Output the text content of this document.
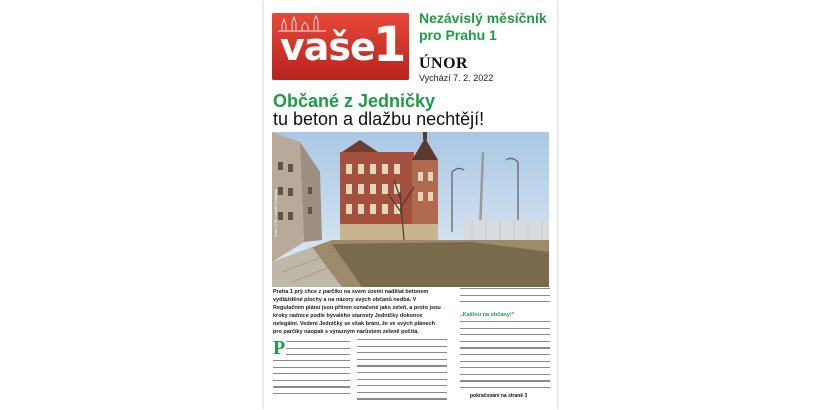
vaše
1 Nezávislý měsíčník
pro Prahu 1
ÚNOR
Vychází 7. 2. 2022
Občané z Jedničky
tu beton a dlažbu nechtějí!
Foto: ČTK / Josef Vostárek

Praha 1 prý chce z parčíku na svém území nadělat betonem vydlážděné plochy a na názory svých občanů nedbá. V Regulačním plánu jsou přitom označené jako zeleň, a proto jsou kroky radnice podle bývalého starosty Jedničky dokonce nelegální. Vedení Jedničky se však brání, že ve svých plánech pro parčíky naopak s výrazným nárůstem zeleně počítá.

P
„Kašlou na občany!“
pokračování na straně 3
